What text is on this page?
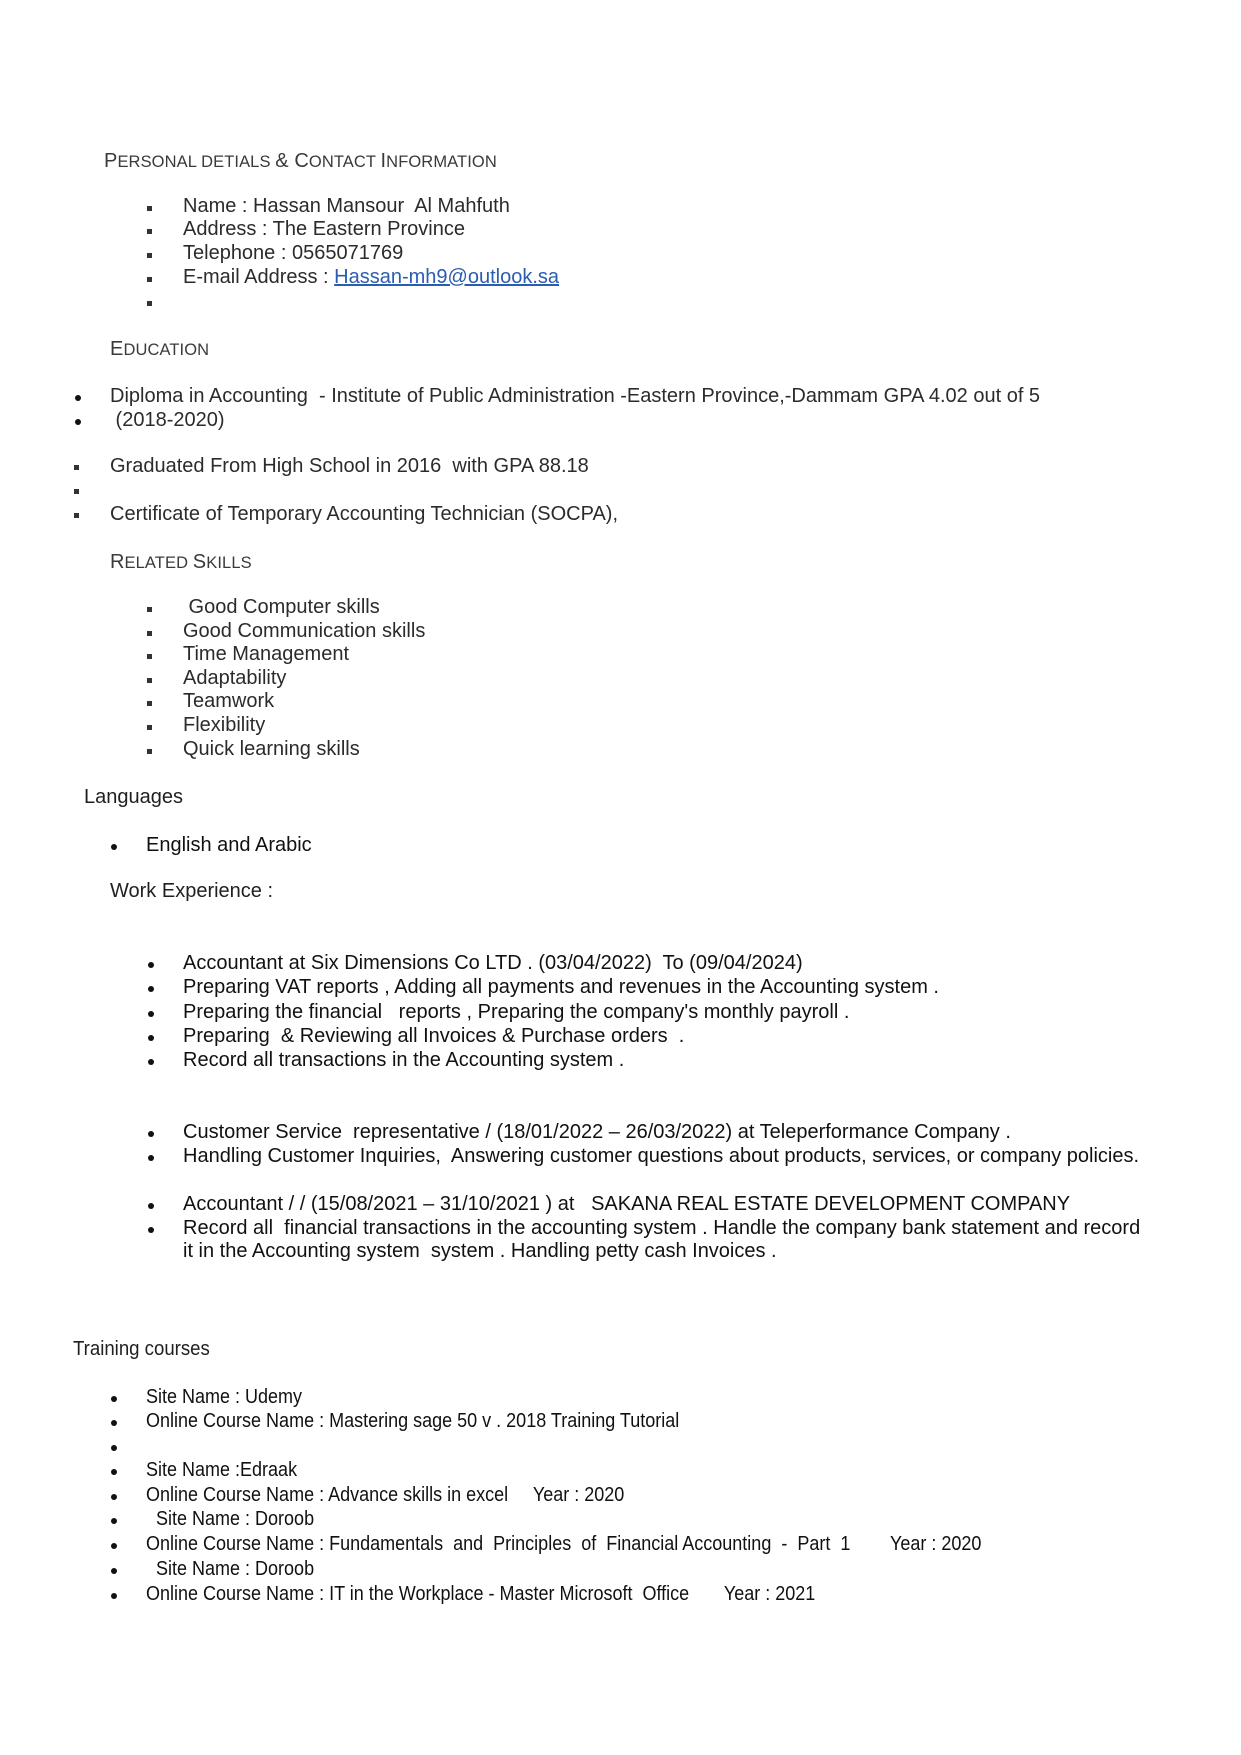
PERSONAL DETIALS & CONTACT INFORMATION
Name : Hassan Mansour  Al Mahfuth
Address : The Eastern Province
Telephone : 0565071769
E-mail Address : Hassan-mh9@outlook.sa
EDUCATION
Diploma in Accounting  - Institute of Public Administration -Eastern Province,-Dammam GPA 4.02 out of 5
(2018-2020)
Graduated From High School in 2016  with GPA 88.18
Certificate of Temporary Accounting Technician (SOCPA),
RELATED SKILLS
Good Computer skills
Good Communication skills
Time Management
Adaptability
Teamwork
Flexibility
Quick learning skills
Languages
English and Arabic
Work Experience :
Accountant at Six Dimensions Co LTD . (03/04/2022)  To (09/04/2024)
Preparing VAT reports , Adding all payments and revenues in the Accounting system .
Preparing the financial   reports , Preparing the company's monthly payroll .
Preparing  & Reviewing all Invoices & Purchase orders  .
Record all transactions in the Accounting system .
Customer Service  representative / (18/01/2022 – 26/03/2022) at Teleperformance Company .
Handling Customer Inquiries,  Answering customer questions about products, services, or company policies.
Accountant / / (15/08/2021 – 31/10/2021 ) at   SAKANA REAL ESTATE DEVELOPMENT COMPANY
Record all  financial transactions in the accounting system . Handle the company bank statement and record
it in the Accounting system  system . Handling petty cash Invoices .
Training courses
Site Name : Udemy
Online Course Name : Mastering sage 50 v . 2018 Training Tutorial
Site Name :Edraak
Online Course Name : Advance skills in excel     Year : 2020
Site Name : Doroob
Online Course Name : Fundamentals  and  Principles  of  Financial Accounting  -  Part  1        Year : 2020
Site Name : Doroob
Online Course Name : IT in the Workplace - Master Microsoft  Office       Year : 2021
